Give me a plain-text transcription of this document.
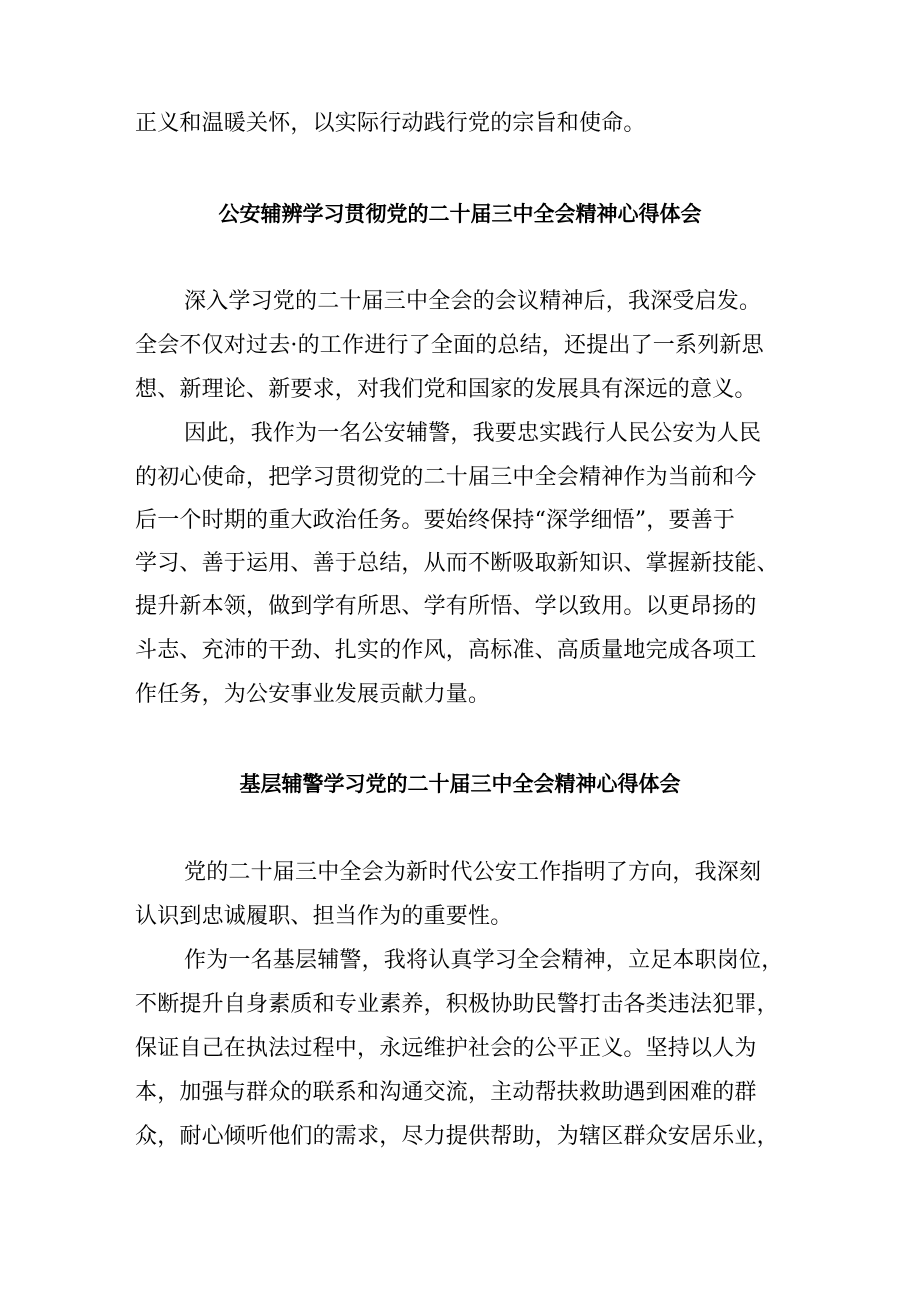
正义和温暖关怀，以实际行动践行党的宗旨和使命。
公安辅辨学习贯彻党的二十届三中全会精神心得体会
深入学习党的二十届三中全会的会议精神后，我深受启发。
全会不仅对过去·的工作进行了全面的总结，还提出了一系列新思
想、新理论、新要求，对我们党和国家的发展具有深远的意义。
因此，我作为一名公安辅警，我要忠实践行人民公安为人民
的初心使命，把学习贯彻党的二十届三中全会精神作为当前和今
后一个时期的重大政治任务。要始终保持“深学细悟”，要善于
学习、善于运用、善于总结，从而不断吸取新知识、掌握新技能、
提升新本领，做到学有所思、学有所悟、学以致用。以更昂扬的
斗志、充沛的干劲、扎实的作风，高标准、高质量地完成各项工
作任务，为公安事业发展贡献力量。
基层辅警学习党的二十届三中全会精神心得体会
党的二十届三中全会为新时代公安工作指明了方向，我深刻
认识到忠诚履职、担当作为的重要性。
作为一名基层辅警，我将认真学习全会精神，立足本职岗位，
不断提升自身素质和专业素养，积极协助民警打击各类违法犯罪，
保证自己在执法过程中，永远维护社会的公平正义。坚持以人为
本，加强与群众的联系和沟通交流，主动帮扶救助遇到困难的群
众，耐心倾听他们的需求，尽力提供帮助，为辖区群众安居乐业，
